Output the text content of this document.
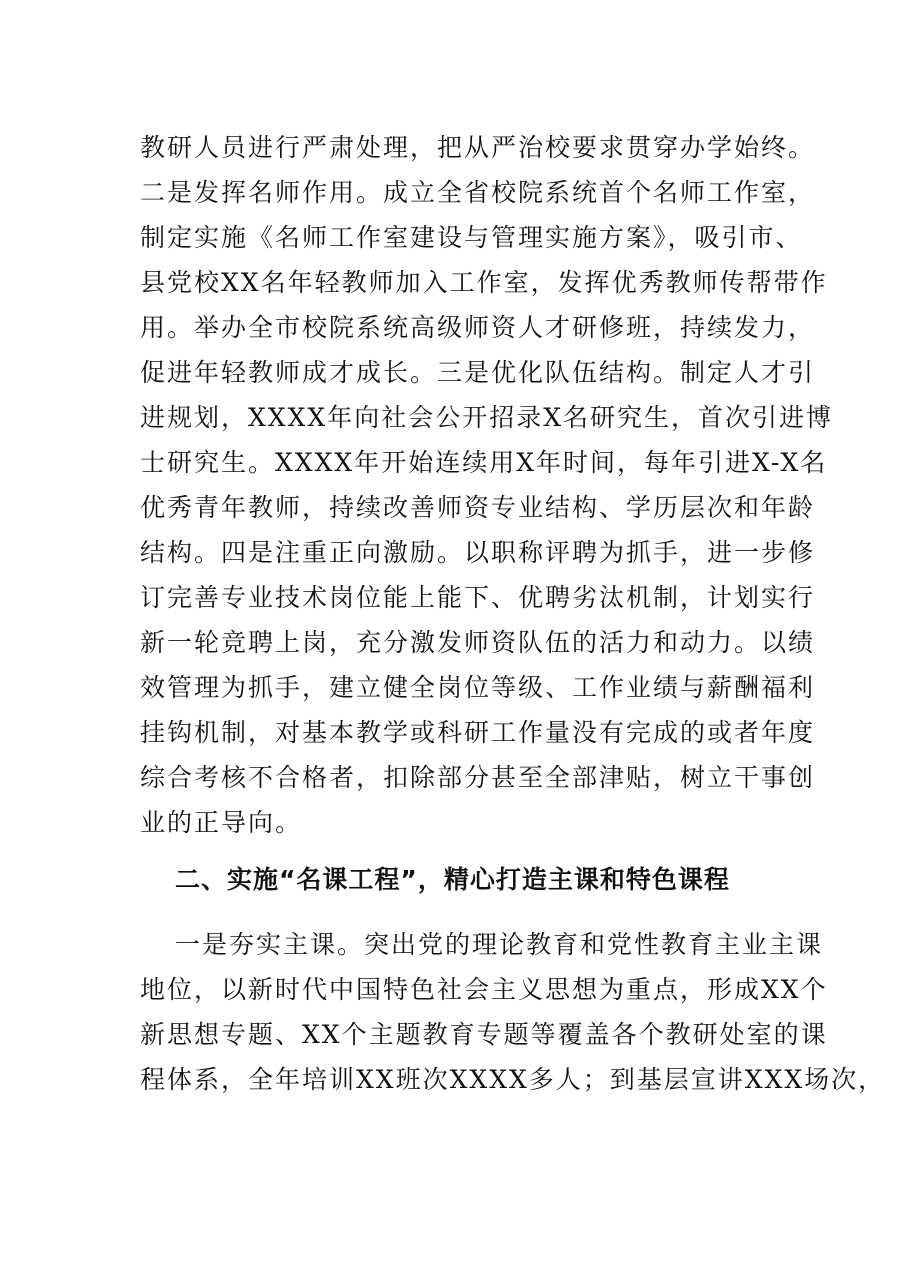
教研人员进行严肃处理，把从严治校要求贯穿办学始终。
二是发挥名师作用。成立全省校院系统首个名师工作室，
制定实施《名师工作室建设与管理实施方案》，吸引市、
县党校XX名年轻教师加入工作室，发挥优秀教师传帮带作
用。举办全市校院系统高级师资人才研修班，持续发力，
促进年轻教师成才成长。三是优化队伍结构。制定人才引
进规划，XXXX年向社会公开招录X名研究生，首次引进博
士研究生。XXXX年开始连续用X年时间，每年引进X-X名
优秀青年教师，持续改善师资专业结构、学历层次和年龄
结构。四是注重正向激励。以职称评聘为抓手，进一步修
订完善专业技术岗位能上能下、优聘劣汰机制，计划实行
新一轮竞聘上岗，充分激发师资队伍的活力和动力。以绩
效管理为抓手，建立健全岗位等级、工作业绩与薪酬福利
挂钩机制，对基本教学或科研工作量没有完成的或者年度
综合考核不合格者，扣除部分甚至全部津贴，树立干事创
业的正导向。
二、实施“名课工程”，精心打造主课和特色课程
一是夯实主课。突出党的理论教育和党性教育主业主课
地位，以新时代中国特色社会主义思想为重点，形成XX个
新思想专题、XX个主题教育专题等覆盖各个教研处室的课
程体系，全年培训XX班次XXXX多人；到基层宣讲XXX场次，
